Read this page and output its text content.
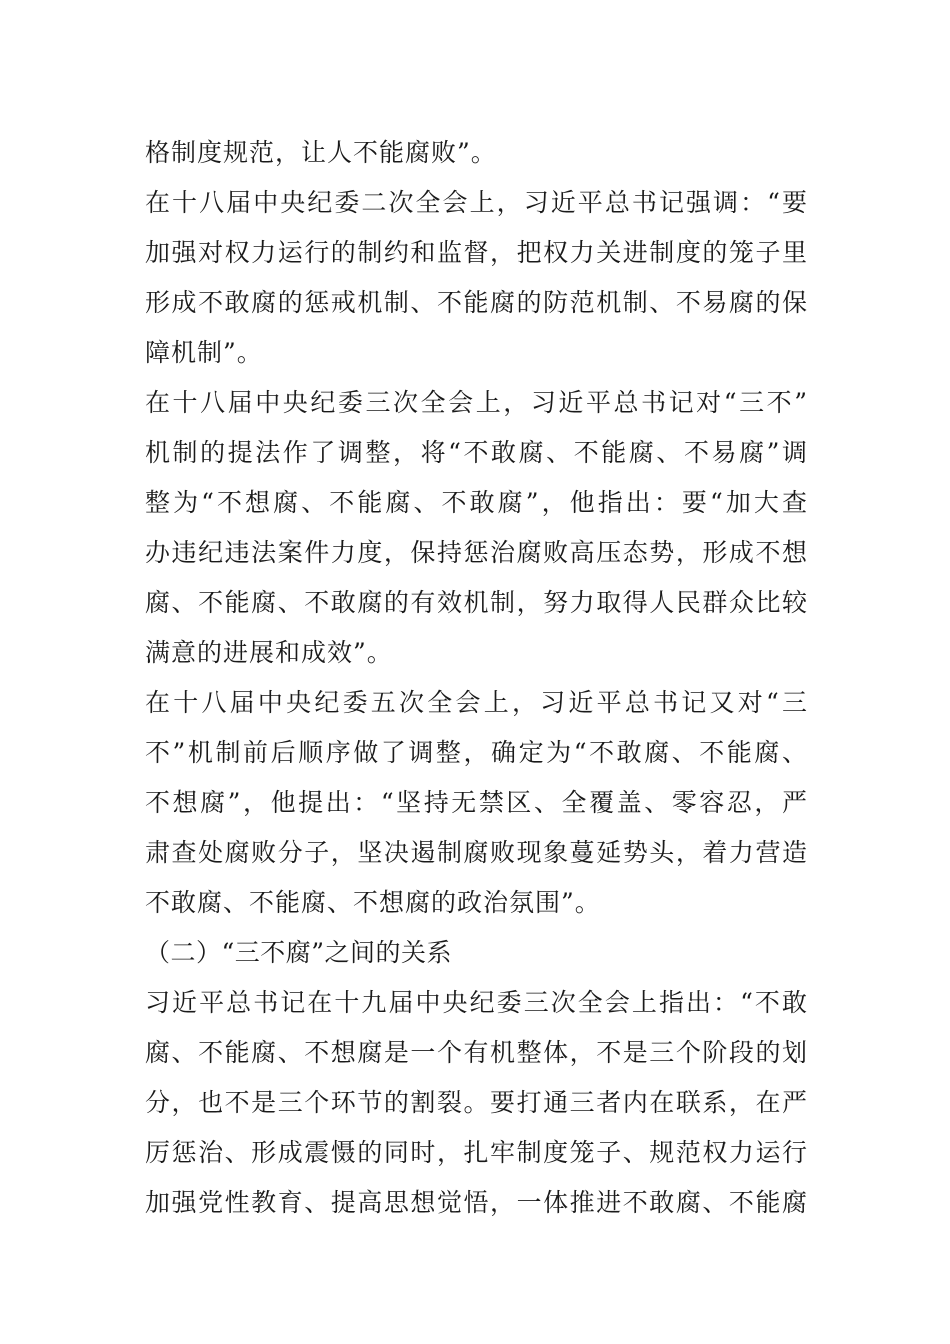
格制度规范，让人不能腐败”。
在十八届中央纪委二次全会上，习近平总书记强调：“要
加强对权力运行的制约和监督，把权力关进制度的笼子里
形成不敢腐的惩戒机制、不能腐的防范机制、不易腐的保
障机制”。
在十八届中央纪委三次全会上，习近平总书记对“三不”
机制的提法作了调整，将“不敢腐、不能腐、不易腐”调
整为“不想腐、不能腐、不敢腐”，他指出：要“加大查
办违纪违法案件力度，保持惩治腐败高压态势，形成不想
腐、不能腐、不敢腐的有效机制，努力取得人民群众比较
满意的进展和成效”。
在十八届中央纪委五次全会上，习近平总书记又对“三
不”机制前后顺序做了调整，确定为“不敢腐、不能腐、
不想腐”，他提出：“坚持无禁区、全覆盖、零容忍，严
肃查处腐败分子，坚决遏制腐败现象蔓延势头，着力营造
不敢腐、不能腐、不想腐的政治氛围”。
（二）“三不腐”之间的关系
习近平总书记在十九届中央纪委三次全会上指出：“不敢
腐、不能腐、不想腐是一个有机整体，不是三个阶段的划
分，也不是三个环节的割裂。要打通三者内在联系，在严
厉惩治、形成震慑的同时，扎牢制度笼子、规范权力运行
加强党性教育、提高思想觉悟，一体推进不敢腐、不能腐
